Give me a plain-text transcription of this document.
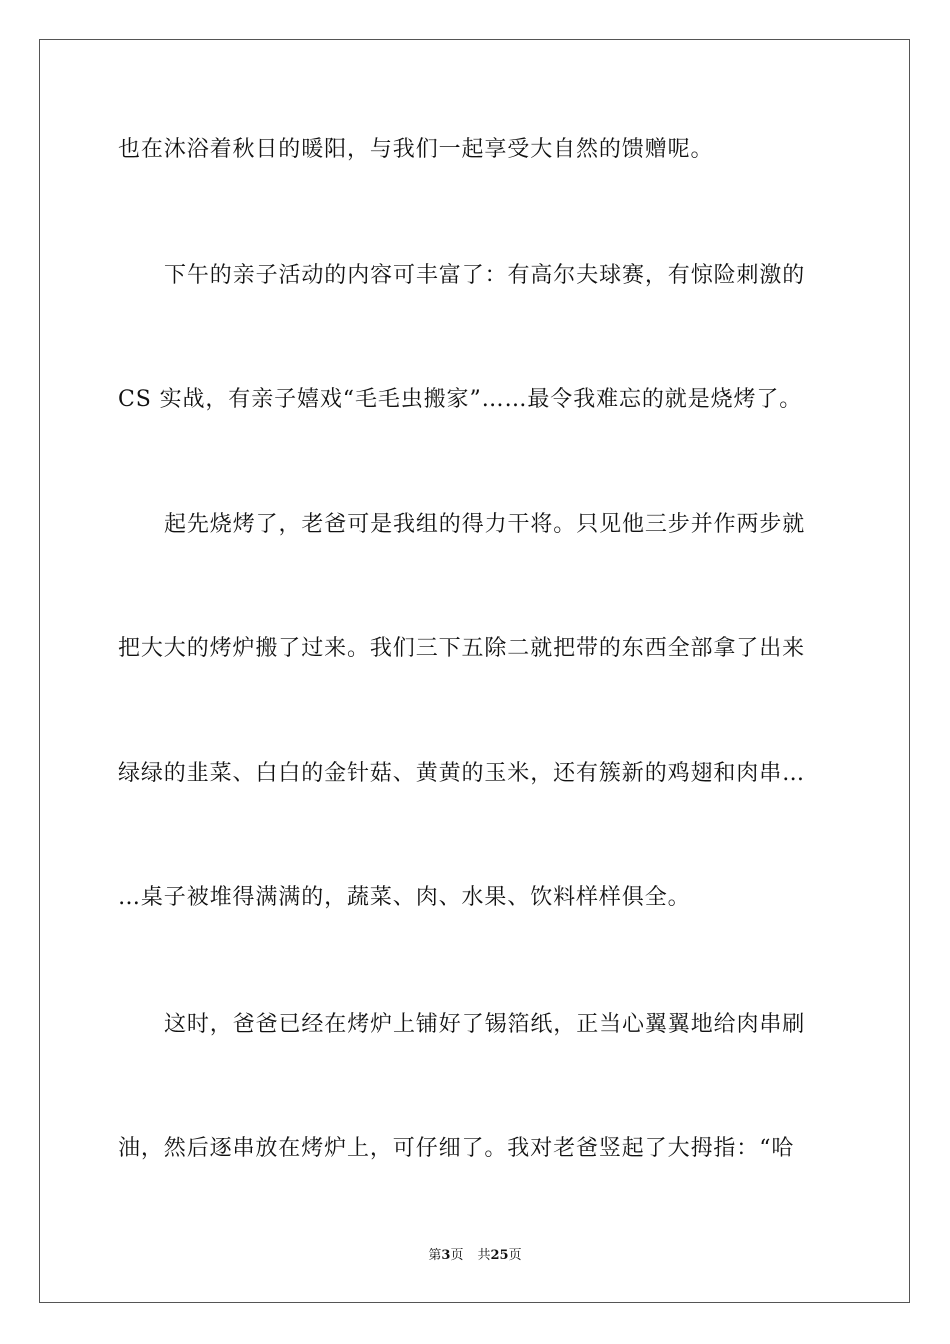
也在沐浴着秋日的暖阳，与我们一起享受大自然的馈赠呢。
下午的亲子活动的内容可丰富了：有高尔夫球赛，有惊险刺激的
CS 实战，有亲子嬉戏“毛毛虫搬家”……最令我难忘的就是烧烤了。
起先烧烤了，老爸可是我组的得力干将。只见他三步并作两步就
把大大的烤炉搬了过来。我们三下五除二就把带的东西全部拿了出来
绿绿的韭菜、白白的金针菇、黄黄的玉米，还有簇新的鸡翅和肉串…
…桌子被堆得满满的，蔬菜、肉、水果、饮料样样俱全。
这时，爸爸已经在烤炉上铺好了锡箔纸，正当心翼翼地给肉串刷
油，然后逐串放在烤炉上，可仔细了。我对老爸竖起了大拇指：“哈
第3页 共25页
